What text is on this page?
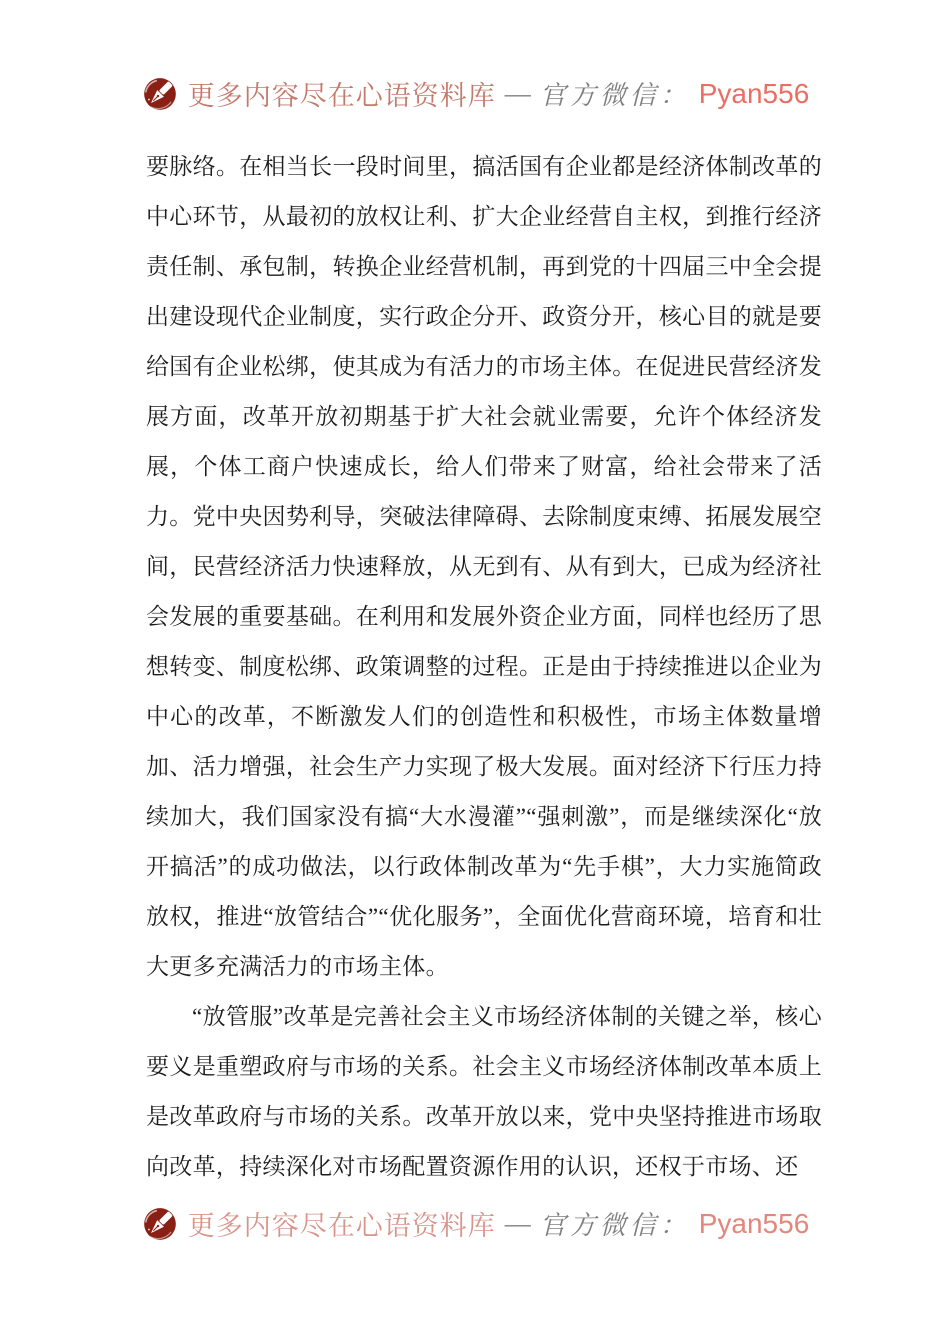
更多内容尽在心语资料库 — 官方微信： Pyan556

要脉络。在相当长一段时间里，搞活国有企业都是经济体制改革的中心环节，从最初的放权让利、扩大企业经营自主权，到推行经济责任制、承包制，转换企业经营机制，再到党的十四届三中全会提出建设现代企业制度，实行政企分开、政资分开，核心目的就是要给国有企业松绑，使其成为有活力的市场主体。在促进民营经济发展方面，改革开放初期基于扩大社会就业需要，允许个体经济发展，个体工商户快速成长，给人们带来了财富，给社会带来了活力。党中央因势利导，突破法律障碍、去除制度束缚、拓展发展空间，民营经济活力快速释放，从无到有、从有到大，已成为经济社会发展的重要基础。在利用和发展外资企业方面，同样也经历了思想转变、制度松绑、政策调整的过程。正是由于持续推进以企业为中心的改革，不断激发人们的创造性和积极性，市场主体数量增加、活力增强，社会生产力实现了极大发展。面对经济下行压力持续加大，我们国家没有搞“大水漫灌”“强刺激”，而是继续深化“放开搞活”的成功做法，以行政体制改革为“先手棋”，大力实施简政放权，推进“放管结合”“优化服务”，全面优化营商环境，培育和壮大更多充满活力的市场主体。

“放管服”改革是完善社会主义市场经济体制的关键之举，核心要义是重塑政府与市场的关系。社会主义市场经济体制改革本质上是改革政府与市场的关系。改革开放以来，党中央坚持推进市场取向改革，持续深化对市场配置资源作用的认识，还权于市场、还

更多内容尽在心语资料库 — 官方微信： Pyan556
